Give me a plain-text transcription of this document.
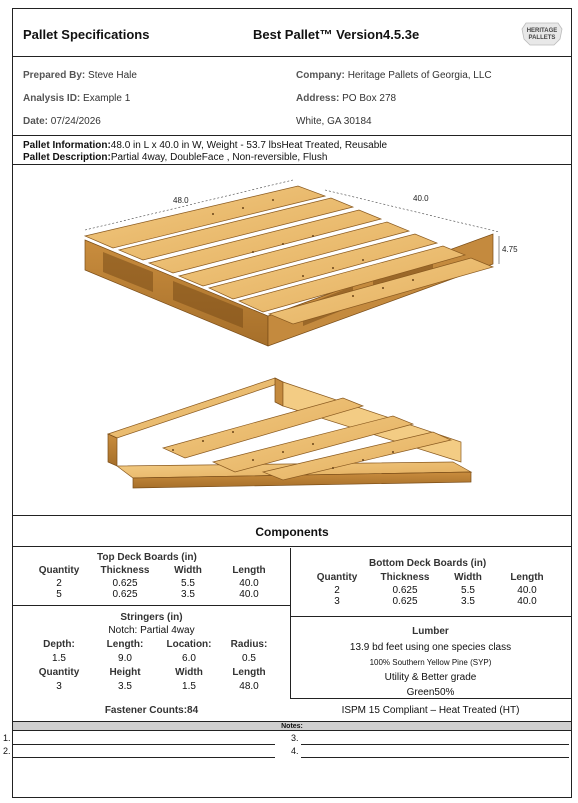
Pallet Specifications	Best Pallet™ Version4.5.3e	HERITAGE
PALLETS
Prepared By: Steve Hale
Analysis ID: Example 1
Date: 07/24/2026
Company: Heritage Pallets of Georgia, LLC
Address: PO Box 278
White, GA 30184
Pallet Information:48.0 in L x 40.0 in W, Weight - 53.7 lbsHeat Treated, Reusable
Pallet Description:Partial 4way, DoubleFace , Non-reversible, Flush
48.0	40.0
4.75
Components
Top Deck Boards (in)
Quantity	Thickness	Width	Length
2	0.625	5.5	40.0
5	0.625	3.5	40.0
Bottom Deck Boards (in)
Quantity	Thickness	Width	Length
2	0.625	5.5	40.0
3	0.625	3.5	40.0
Stringers (in)
Notch: Partial 4way
Depth:	Length:	Location:	Radius:
1.5	9.0	6.0	0.5
Quantity	Height	Width	Length
3	3.5	1.5	48.0
Lumber
13.9 bd feet using one species class
100% Southern Yellow Pine (SYP)
Utility & Better grade
Green50%
Fastener Counts:84	ISPM 15 Compliant – Heat Treated (HT)
Notes:
1.
2.
3.
4.
